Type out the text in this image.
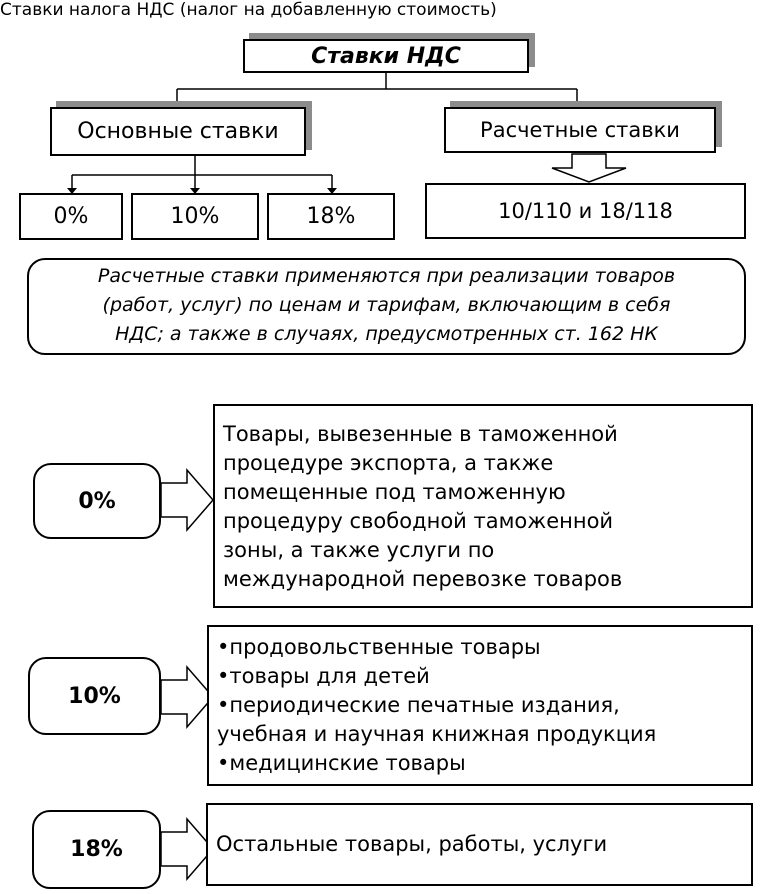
Ставки налога НДС (налог на добавленную стоимость)
Ставки НДС
Основные ставки
0%	10%	18%
Расчетные ставки
10/110 и 18/118
Расчетные ставки применяются при реализации товаров
(работ, услуг) по ценам и тарифам, включающим в себя
НДС; а также в случаях, предусмотренных ст. 162 НК
0%
Товары, вывезенные в таможенной
процедуре экспорта, а также
помещенные под таможенную
процедуру свободной таможенной
зоны, а также услуги по
международной перевозке товаров
10%
•продовольственные товары
•товары для детей
•периодические печатные издания,
учебная и научная книжная продукция
•медицинские товары
18%	Остальные товары, работы, услуги
